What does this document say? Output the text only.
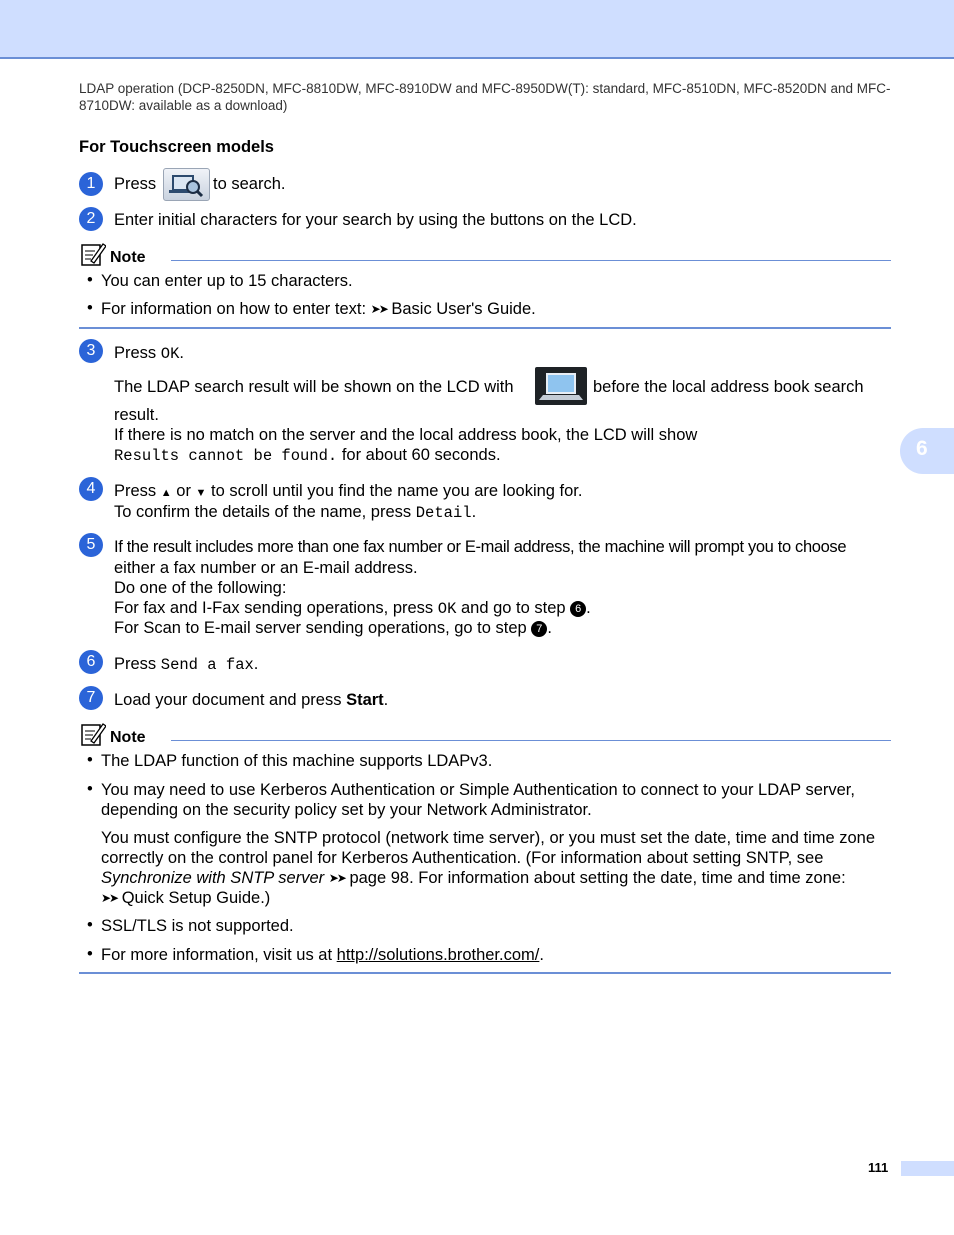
LDAP operation (DCP-8250DN, MFC-8810DW, MFC-8910DW and MFC-8950DW(T): standard, MFC-8510DN, MFC-8520DN and MFC-8710DW: available as a download)
For Touchscreen models
1	Press	to search.
2	Enter initial characters for your search by using the buttons on the LCD.
Note
• You can enter up to 15 characters.
• For information on how to enter text: ➤➤ Basic User's Guide.
3	Press OK.
The LDAP search result will be shown on the LCD with	before the local address book search
result.
If there is no match on the server and the local address book, the LCD will show
Results cannot be found. for about 60 seconds.
4	Press ▲ or ▼ to scroll until you find the name you are looking for.
To confirm the details of the name, press Detail.
5	If the result includes more than one fax number or E-mail address, the machine will prompt you to choose
either a fax number or an E-mail address.
Do one of the following:
For fax and I-Fax sending operations, press OK and go to step 6 .
For Scan to E-mail server sending operations, go to step 7 .
6	Press Send a fax.
7	Load your document and press Start.
Note
• The LDAP function of this machine supports LDAPv3.
• You may need to use Kerberos Authentication or Simple Authentication to connect to your LDAP server,
depending on the security policy set by your Network Administrator.
You must configure the SNTP protocol (network time server), or you must set the date, time and time zone
correctly on the control panel for Kerberos Authentication. (For information about setting SNTP, see
Synchronize with SNTP server ➤➤ page 98. For information about setting the date, time and time zone:
➤➤ Quick Setup Guide.)
• SSL/TLS is not supported.
• For more information, visit us at http://solutions.brother.com/.
6
111
